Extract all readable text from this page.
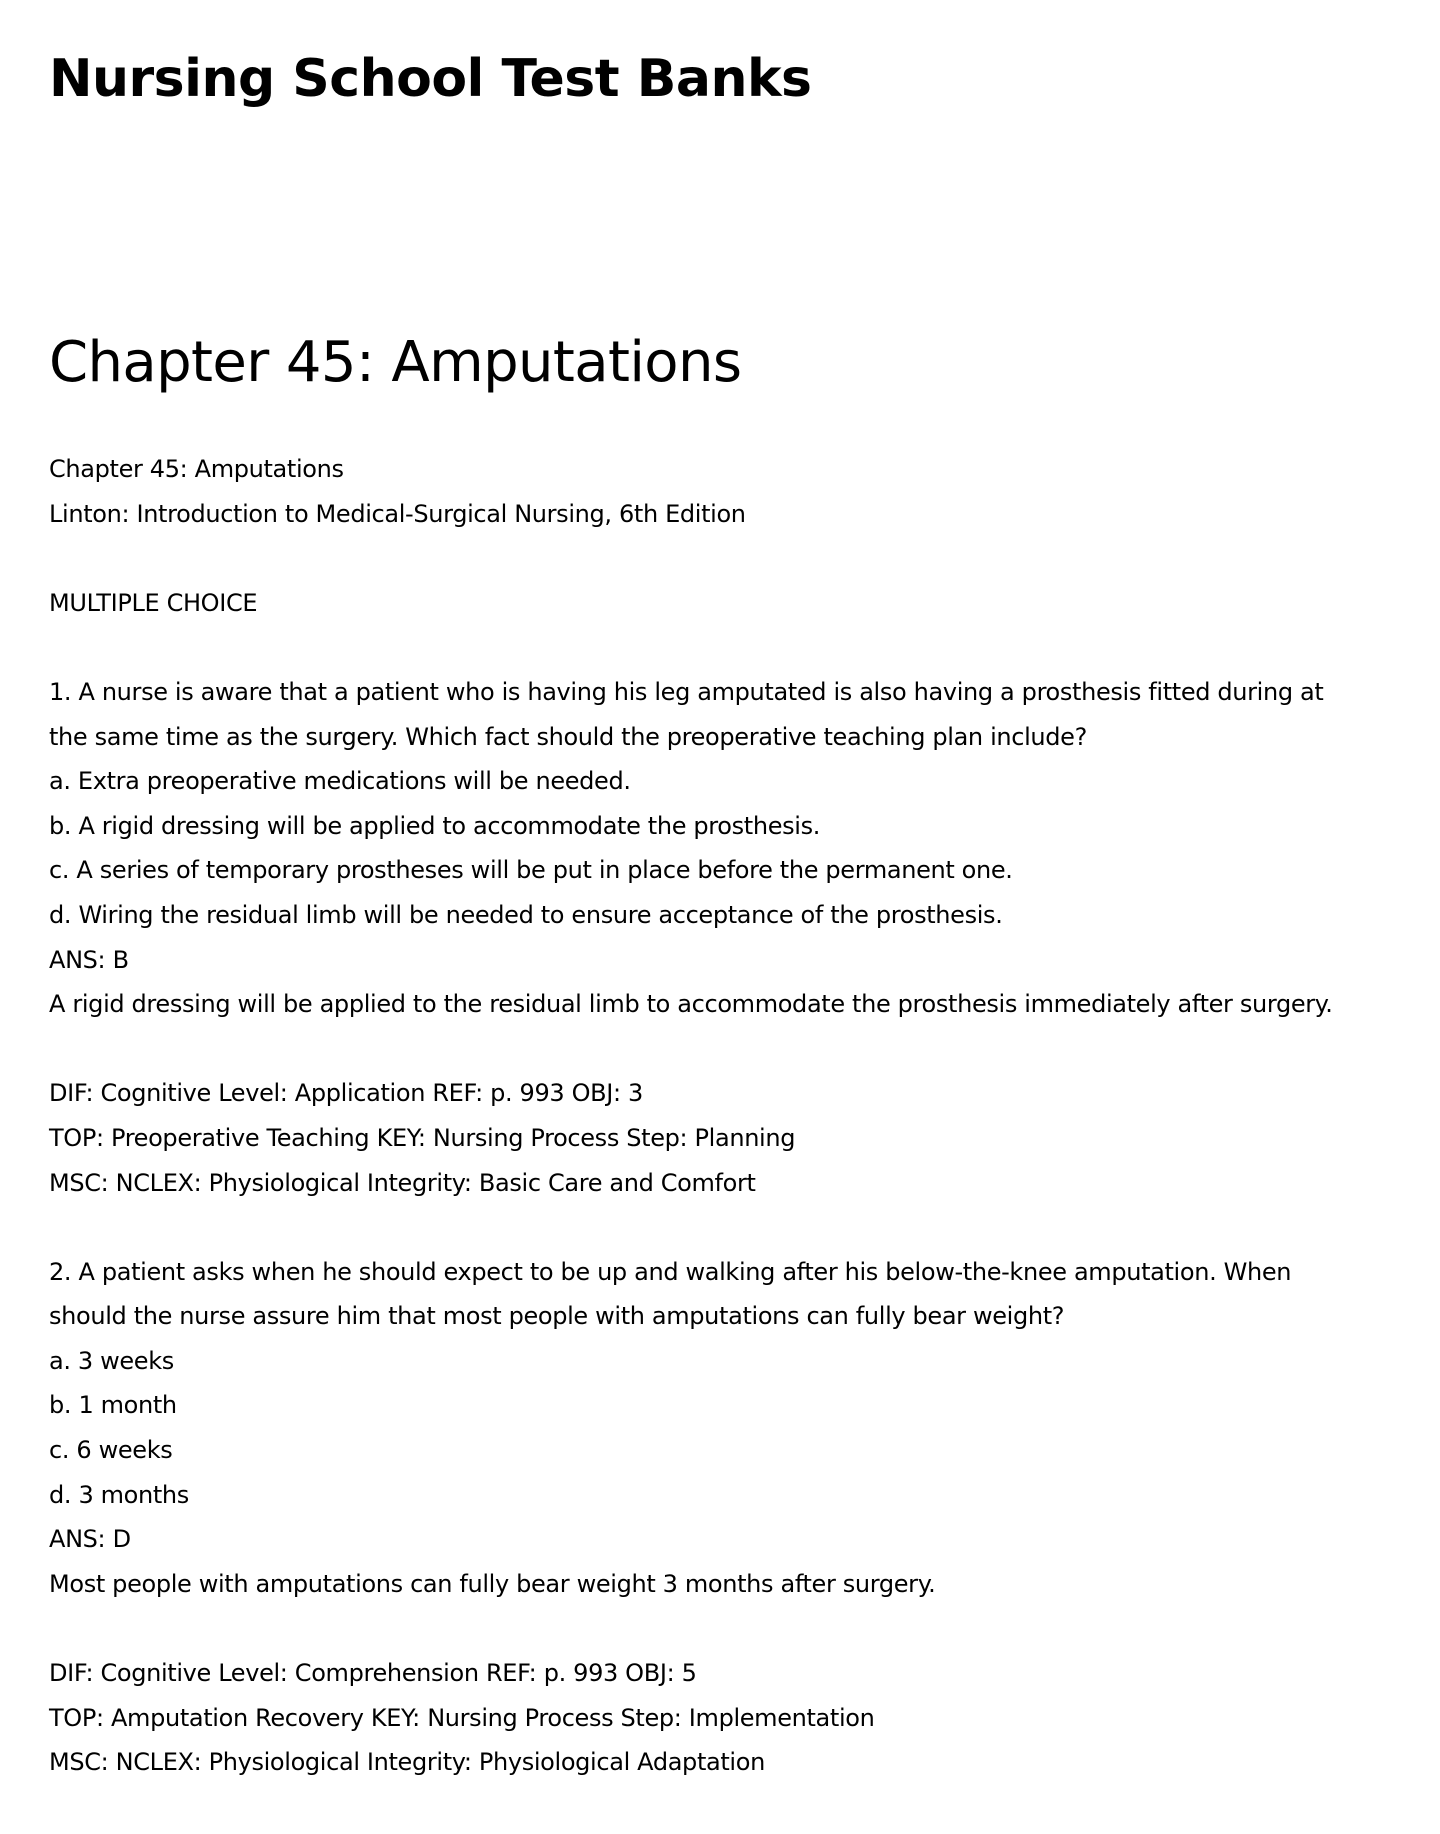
Nursing School Test Banks
Chapter 45: Amputations
Chapter 45: Amputations
Linton: Introduction to Medical-Surgical Nursing, 6th Edition
MULTIPLE CHOICE
1. A nurse is aware that a patient who is having his leg amputated is also having a prosthesis fitted during at
the same time as the surgery. Which fact should the preoperative teaching plan include?
a. Extra preoperative medications will be needed.
b. A rigid dressing will be applied to accommodate the prosthesis.
c. A series of temporary prostheses will be put in place before the permanent one.
d. Wiring the residual limb will be needed to ensure acceptance of the prosthesis.
ANS: B
A rigid dressing will be applied to the residual limb to accommodate the prosthesis immediately after surgery.
DIF: Cognitive Level: Application REF: p. 993 OBJ: 3
TOP: Preoperative Teaching KEY: Nursing Process Step: Planning
MSC: NCLEX: Physiological Integrity: Basic Care and Comfort
2. A patient asks when he should expect to be up and walking after his below-the-knee amputation. When
should the nurse assure him that most people with amputations can fully bear weight?
a. 3 weeks
b. 1 month
c. 6 weeks
d. 3 months
ANS: D
Most people with amputations can fully bear weight 3 months after surgery.
DIF: Cognitive Level: Comprehension REF: p. 993 OBJ: 5
TOP: Amputation Recovery KEY: Nursing Process Step: Implementation
MSC: NCLEX: Physiological Integrity: Physiological Adaptation
